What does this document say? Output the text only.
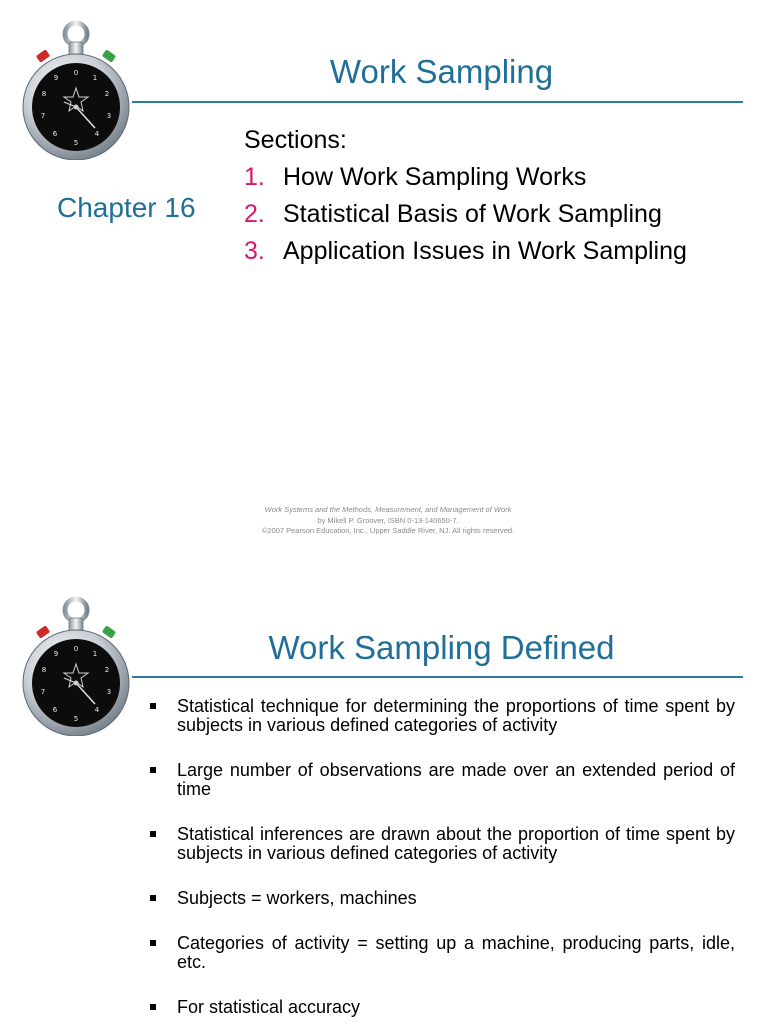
0
1
2
3
4
5
6
7
8
9	Work Sampling
Chapter 16
Sections:
1. How Work Sampling Works
2. Statistical Basis of Work Sampling
3. Application Issues in Work Sampling
Work Systems and the Methods, Measurement, and Management of Work
by Mikell P. Groover, ISBN 0-13-140650-7.
©2007 Pearson Education, Inc., Upper Saddle River, NJ. All rights reserved.
0
1
2
3
4
5
6
7
8
9	Work Sampling Defined
Statistical technique for determining the proportions of time spent by subjects in various defined categories of activity
Large number of observations are made over an extended period of time
Statistical inferences are drawn about the proportion of time spent by subjects in various defined categories of activity
Subjects = workers, machines
Categories of activity = setting up a machine, producing parts, idle, etc.
For statistical accuracy
